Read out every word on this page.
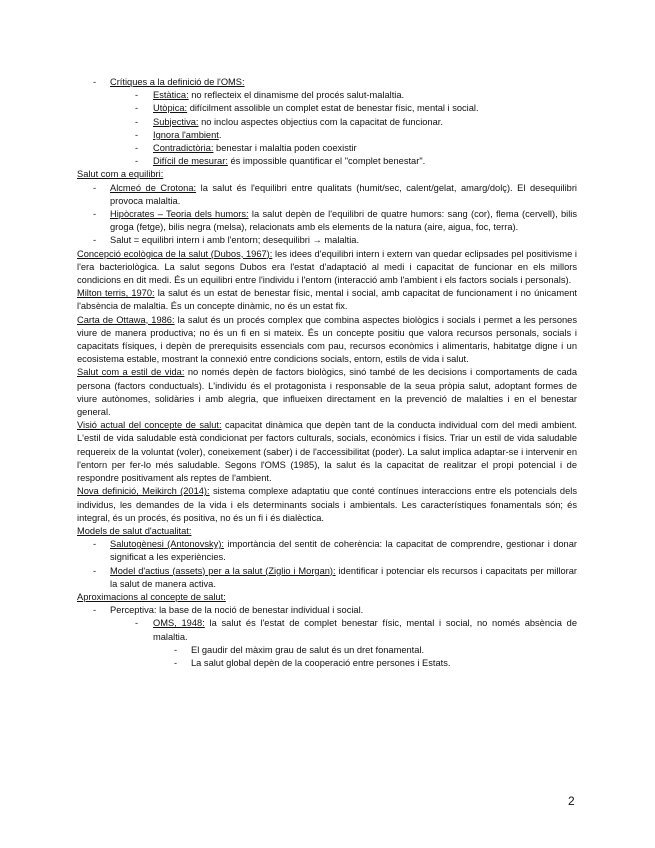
- Crítiques a la definició de l'OMS:
- Estàtica: no reflecteix el dinamisme del procés salut-malaltia.
- Utòpica: difícilment assolible un complet estat de benestar físic, mental i social.
- Subjectiva: no inclou aspectes objectius com la capacitat de funcionar.
- Ignora l'ambient.
- Contradictòria: benestar i malaltia poden coexistir
- Difícil de mesurar: és impossible quantificar el "complet benestar".
Salut com a equilibri:
- Alcmeó de Crotona: la salut és l'equilibri entre qualitats (humit/sec, calent/gelat, amarg/dolç). El desequilibri provoca malaltia.
- Hipòcrates – Teoria dels humors: la salut depèn de l'equilibri de quatre humors: sang (cor), flema (cervell), bilis groga (fetge), bilis negra (melsa), relacionats amb els elements de la natura (aire, aigua, foc, terra).
- Salut = equilibri intern i amb l'entorn; desequilibri → malaltia.
Concepció ecològica de la salut (Dubos, 1967): les idees d'equilibri intern i extern van quedar eclipsades pel positivisme i l'era bacteriològica. La salut segons Dubos era l'estat d'adaptació al medi i capacitat de funcionar en els millors condicions en dit medi. És un equilibri entre l'individu i l'entorn (interacció amb l'ambient i els factors socials i personals).
Milton terris, 1970: la salut és un estat de benestar físic, mental i social, amb capacitat de funcionament i no únicament l'absència de malaltia. És un concepte dinàmic, no és un estat fix.
Carta de Ottawa, 1986: la salut és un procés complex que combina aspectes biològics i socials i permet a les persones viure de manera productiva; no és un fi en si mateix. És un concepte positiu que valora recursos personals, socials i capacitats físiques, i depèn de prerequisits essencials com pau, recursos econòmics i alimentaris, habitatge digne i un ecosistema estable, mostrant la connexió entre condicions socials, entorn, estils de vida i salut.
Salut com a estil de vida: no només depèn de factors biològics, sinó també de les decisions i comportaments de cada persona (factors conductuals). L'individu és el protagonista i responsable de la seua pròpia salut, adoptant formes de viure autònomes, solidàries i amb alegria, que influeixen directament en la prevenció de malalties i en el benestar general.
Visió actual del concepte de salut: capacitat dinàmica que depèn tant de la conducta individual com del medi ambient. L'estil de vida saludable està condicionat per factors culturals, socials, econòmics i físics. Triar un estil de vida saludable requereix de la voluntat (voler), coneixement (saber) i de l'accessibilitat (poder). La salut implica adaptar-se i intervenir en l'entorn per fer-lo més saludable. Segons l'OMS (1985), la salut és la capacitat de realitzar el propi potencial i de respondre positivament als reptes de l'ambient.
Nova definició, Meikirch (2014): sistema complexe adaptatiu que conté contínues interaccions entre els potencials dels individus, les demandes de la vida i els determinants socials i ambientals. Les característiques fonamentals són; és integral, és un procés, és positiva, no és un fi i és dialèctica.
Models de salut d'actualitat:
- Salutogènesi (Antonovsky): importància del sentit de coherència: la capacitat de comprendre, gestionar i donar significat a les experiències.
- Model d'actius (assets) per a la salut (Ziglio i Morgan): identificar i potenciar els recursos i capacitats per millorar la salut de manera activa.
Aproximacions al concepte de salut:
- Perceptiva: la base de la noció de benestar individual i social.
- OMS, 1948: la salut és l'estat de complet benestar físic, mental i social, no només absència de malaltia.
- El gaudir del màxim grau de salut és un dret fonamental.
- La salut global depèn de la cooperació entre persones i Estats.
2
